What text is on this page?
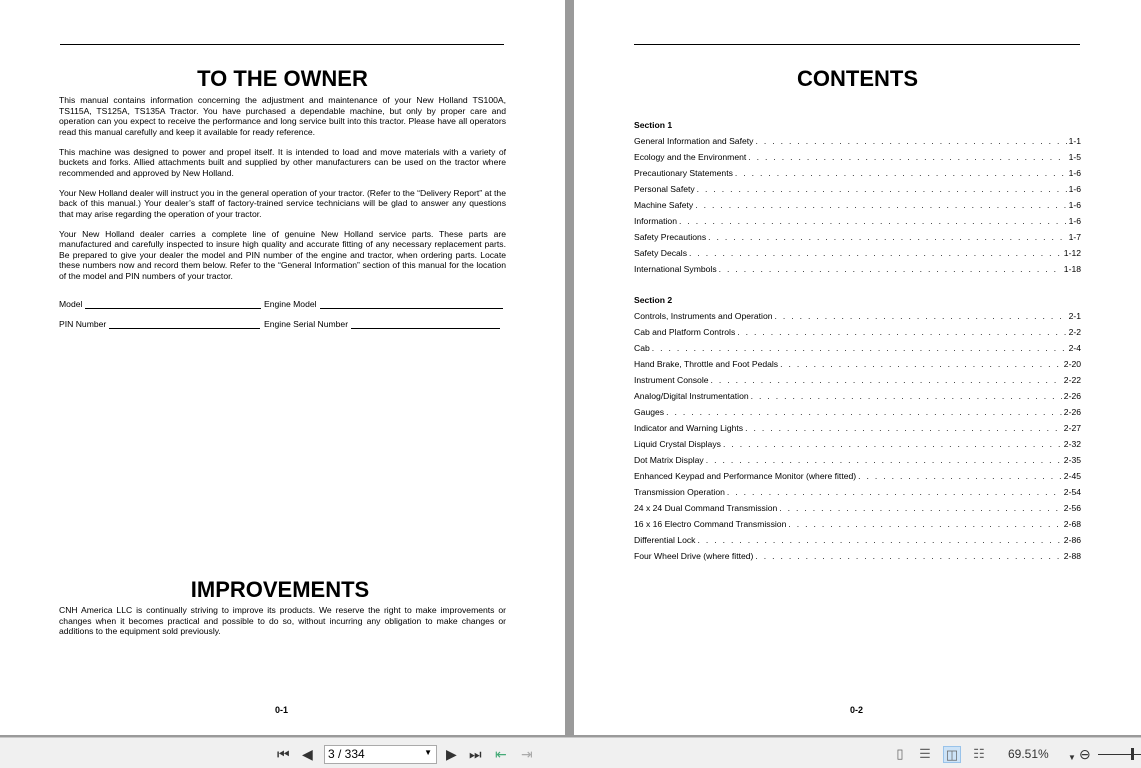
TO THE OWNER

This manual contains information concerning the adjustment and maintenance of your New Holland TS100A, TS115A, TS125A, TS135A Tractor. You have purchased a dependable machine, but only by proper care and operation can you expect to receive the performance and long service built into this tractor. Please have all operators read this manual carefully and keep it available for ready reference.

This machine was designed to power and propel itself. It is intended to load and move materials with a variety of buckets and forks. Allied attachments built and supplied by other manufacturers can be used on the tractor where recommended and approved by New Holland.

Your New Holland dealer will instruct you in the general operation of your tractor. (Refer to the “Delivery Report” at the back of this manual.) Your dealer’s staff of factory-trained service technicians will be glad to answer any questions that may arise regarding the operation of your tractor.

Your New Holland dealer carries a complete line of genuine New Holland service parts. These parts are manufactured and carefully inspected to insure high quality and accurate fitting of any necessary replacement parts. Be prepared to give your dealer the model and PIN number of the engine and tractor, when ordering parts. Locate these numbers now and record them below. Refer to the “General Information” section of this manual for the location of the model and PIN numbers of your tractor.

Model	Engine Model
PIN Number	Engine Serial Number
IMPROVEMENTS
CNH America LLC is continually striving to improve its products. We reserve the right to make improvements or changes when it becomes practical and possible to do so, without incurring any obligation to make changes or additions to the equipment sold previously.
0-1
CONTENTS
Section 1
General Information and Safety . . .	1-1
Ecology and the Environment . . .	1-5
Precautionary Statements . . .	1-6
Personal Safety . . .	1-6
Machine Safety . . .	1-6
Information . . .	1-6
Safety Precautions . . .	1-7
Safety Decals . . .	1-12
International Symbols . . .	1-18
Section 2
Controls, Instruments and Operation . . .	2-1
Cab and Platform Controls . . .	2-2
Cab . . .	2-4
Hand Brake, Throttle and Foot Pedals . . .	2-20
Instrument Console . . .	2-22
Analog/Digital Instrumentation . . .	2-26
Gauges . . .	2-26
Indicator and Warning Lights . . .	2-27
Liquid Crystal Displays . . .	2-32
Dot Matrix Display . . .	2-35
Enhanced Keypad and Performance Monitor (where fitted) . . .	2-45
Transmission Operation . . .	2-54
24 x 24 Dual Command Transmission . . .	2-56
16 x 16 Electro Command Transmission . . .	2-68
Differential Lock . . .	2-86
Four Wheel Drive (where fitted) . . .	2-88
0-2
⏮ ◀	3 / 334	▼ ▶ ⏭ ⇤ ⇥	▯	☰ ◫ ☷ 69.51% ▼ ⊖
